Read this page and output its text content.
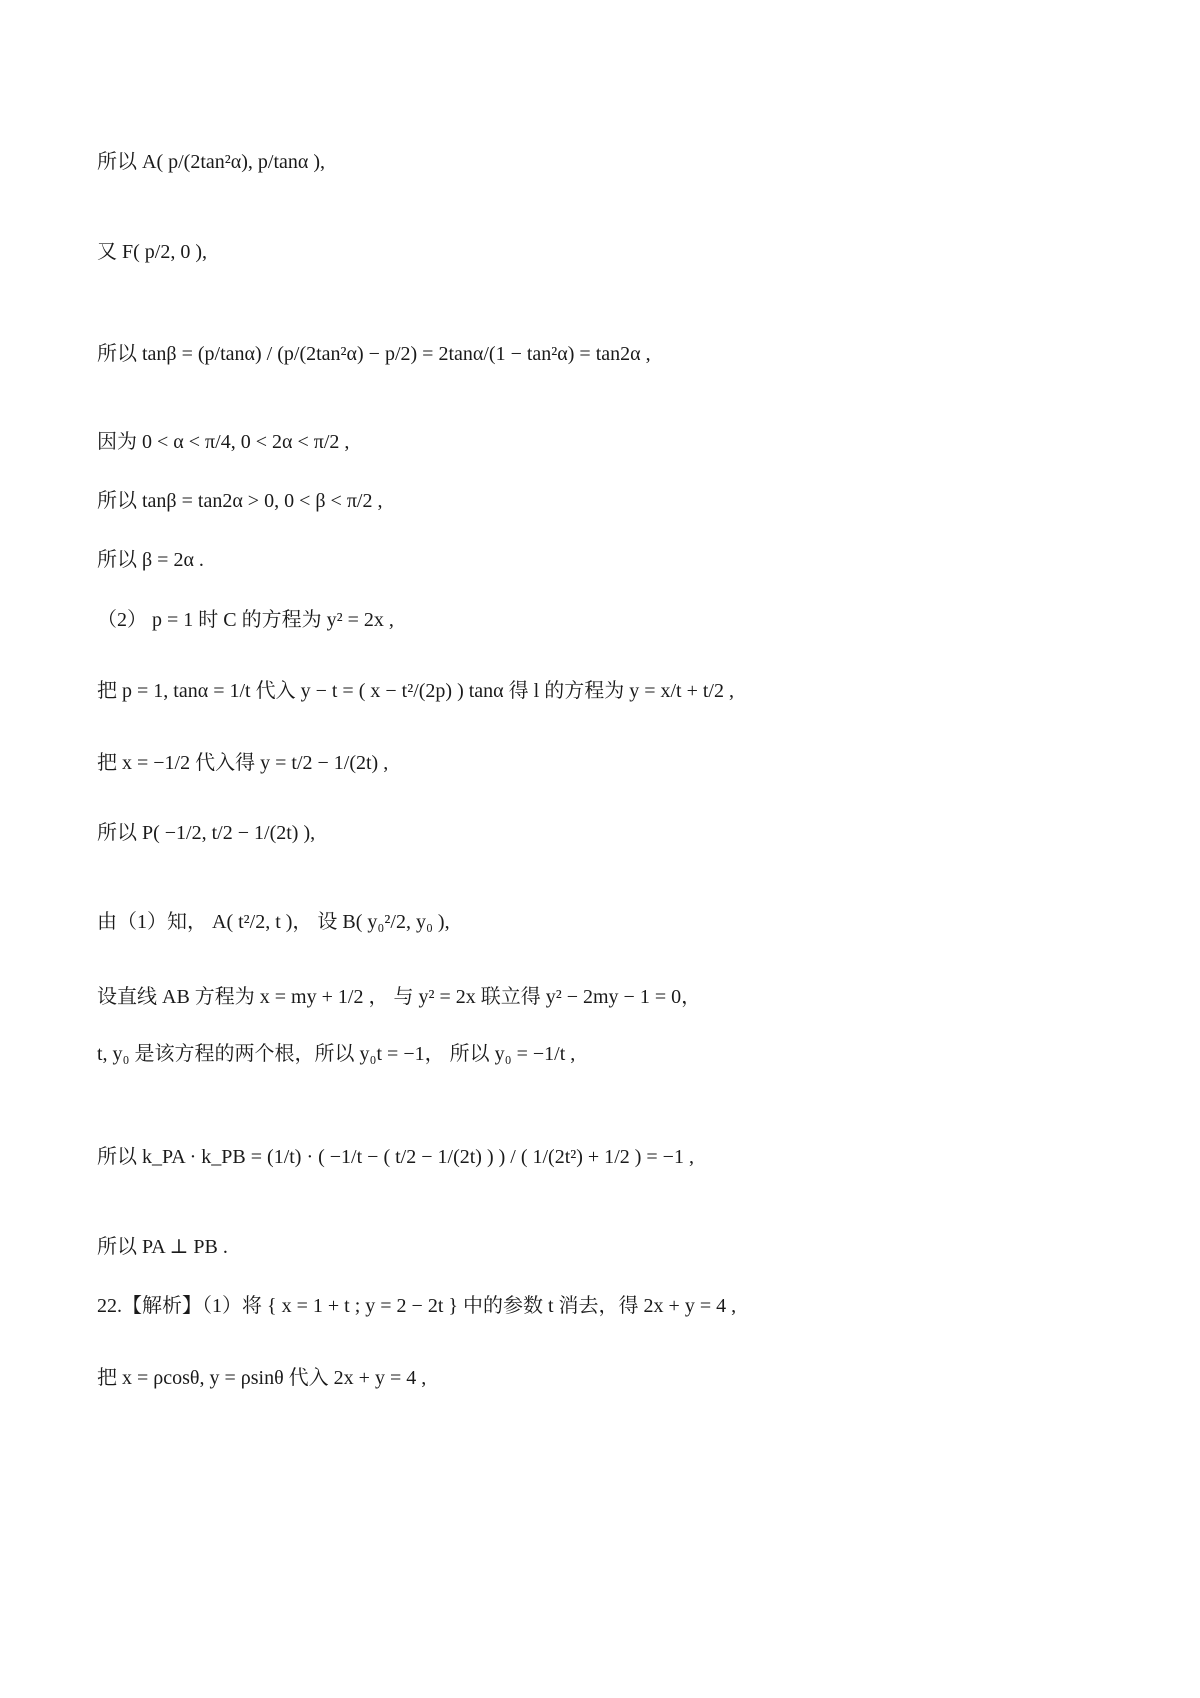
所以 A( p/(2tan²α), p/tanα ),
又 F( p/2, 0 ),
所以 tanβ = (p/tanα) / (p/(2tan²α) − p/2) = 2tanα/(1 − tan²α) = tan2α ,
因为 0 < α < π/4, 0 < 2α < π/2 ,
所以 tanβ = tan2α > 0, 0 < β < π/2 ,
所以 β = 2α .
（2） p = 1 时 C 的方程为 y² = 2x ,
把 p = 1, tanα = 1/t 代入 y − t = ( x − t²/(2p) ) tanα 得 l 的方程为 y = x/t + t/2 ,
把 x = −1/2 代入得 y = t/2 − 1/(2t) ,
所以 P( −1/2, t/2 − 1/(2t) ),
由（1）知， A( t²/2, t )， 设 B( y₀²/2, y₀ ),
设直线 AB 方程为 x = my + 1/2 ， 与 y² = 2x 联立得 y² − 2my − 1 = 0，
t, y₀ 是该方程的两个根，所以 y₀t = −1， 所以 y₀ = −1/t ,
所以 k_PA · k_PB = (1/t) · ( −1/t − ( t/2 − 1/(2t) ) ) / ( 1/(2t²) + 1/2 ) = −1 ,
所以 PA ⊥ PB .
22.【解析】（1）将 { x = 1 + t ; y = 2 − 2t } 中的参数 t 消去，得 2x + y = 4 ,
把 x = ρcosθ, y = ρsinθ 代入 2x + y = 4 ,
